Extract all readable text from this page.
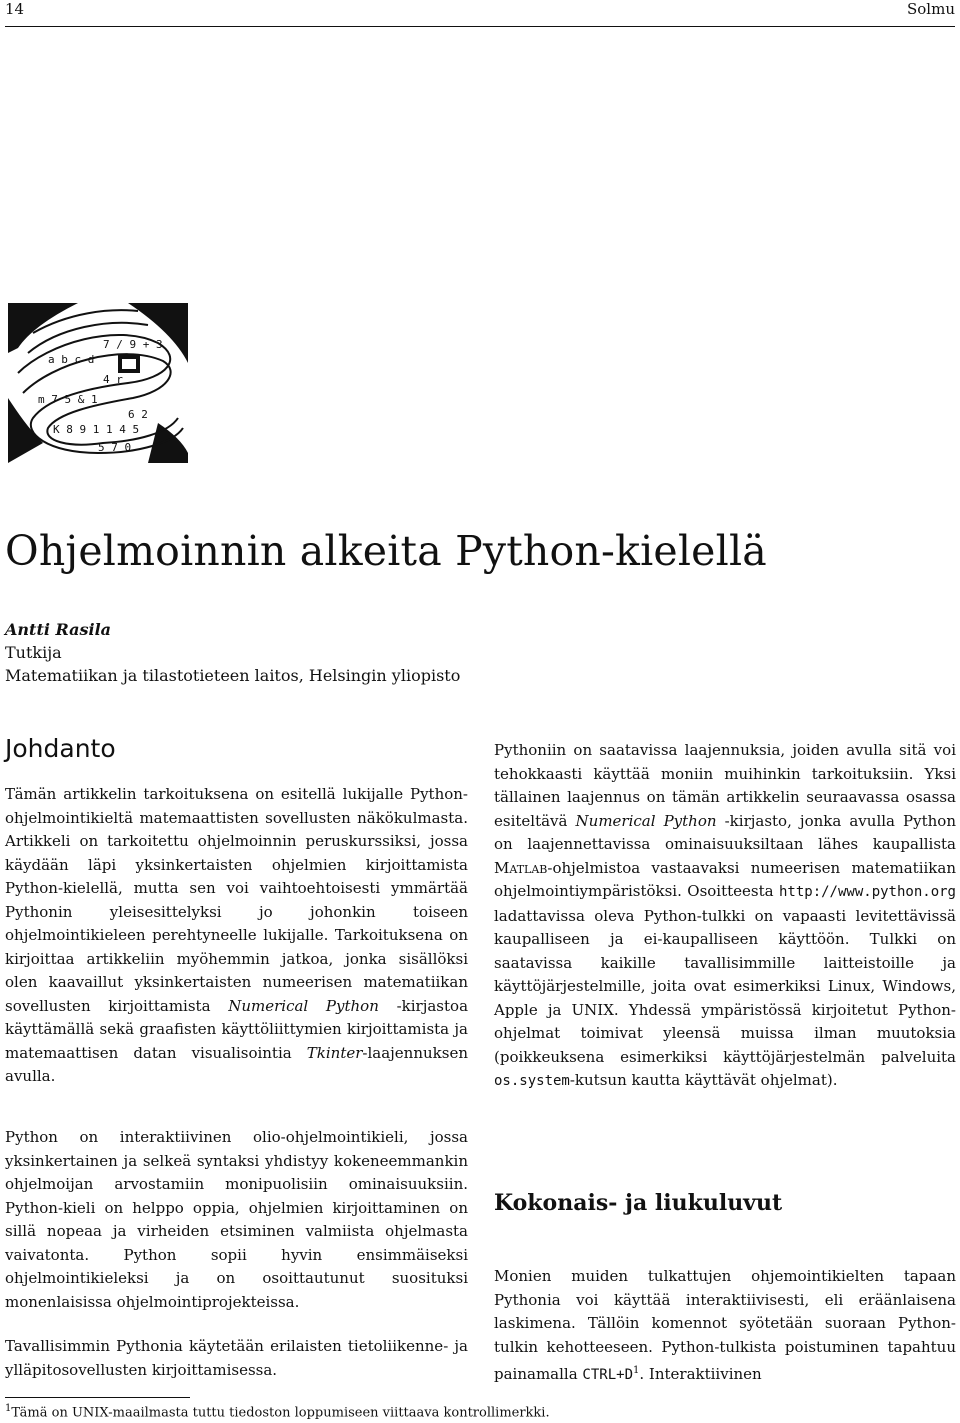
14	Solmu
a b c d
7 / 9 + 3
m 7 5 & 1
4 r
K 8 9 1 1 4 5
6 2
5 7 0
Ohjelmoinnin alkeita Python-kielellä
Antti Rasila
Tutkija
Matematiikan ja tilastotieteen laitos, Helsingin yliopisto
Johdanto

Tämän artikkelin tarkoituksena on esitellä lukijalle Python-ohjelmointikieltä matemaattisten sovellusten näkökulmasta. Artikkeli on tarkoitettu ohjelmoinnin peruskurssiksi, jossa käydään läpi yksinkertaisten ohjelmien kirjoittamista Python-kielellä, mutta sen voi vaihtoehtoisesti ymmärtää Pythonin yleisesittelyksi jo johonkin toiseen ohjelmointikieleen perehtyneelle lukijalle. Tarkoituksena on kirjoittaa artikkeliin myöhemmin jatkoa, jonka sisällöksi olen kaavaillut yksinkertaisten numeerisen matematiikan sovellusten kirjoittamista Numerical Python -kirjastoa käyttämällä sekä graafisten käyttöliittymien kirjoittamista ja matemaattisen datan visualisointia Tkinter-laajennuksen avulla.

Python on interaktiivinen olio-ohjelmointikieli, jossa yksinkertainen ja selkeä syntaksi yhdistyy kokeneemmankin ohjelmoijan arvostamiin monipuolisiin ominaisuuksiin. Python-kieli on helppo oppia, ohjelmien kirjoittaminen on sillä nopeaa ja virheiden etsiminen valmiista ohjelmasta vaivatonta. Python sopii hyvin ensimmäiseksi ohjelmointikieleksi ja on osoittautunut suosituksi monenlaisissa ohjelmointiprojekteissa.

Tavallisimmin Pythonia käytetään erilaisten tietoliikenne- ja ylläpitosovellusten kirjoittamisessa.

Pythoniin on saatavissa laajennuksia, joiden avulla sitä voi tehokkaasti käyttää moniin muihinkin tarkoituksiin. Yksi tällainen laajennus on tämän artikkelin seuraavassa osassa esiteltävä Numerical Python -kirjasto, jonka avulla Python on laajennettavissa ominaisuuksiltaan lähes kaupallista Matlab-ohjelmistoa vastaavaksi numeerisen matematiikan ohjelmointiympäristöksi. Osoitteesta http://www.python.org ladattavissa oleva Python-tulkki on vapaasti levitettävissä kaupalliseen ja ei-kaupalliseen käyttöön. Tulkki on saatavissa kaikille tavallisimmille laitteistoille ja käyttöjärjestelmille, joita ovat esimerkiksi Linux, Windows, Apple ja UNIX. Yhdessä ympäristössä kirjoitetut Python-ohjelmat toimivat yleensä muissa ilman muutoksia (poikkeuksena esimerkiksi käyttöjärjestelmän palveluita os.system-kutsun kautta käyttävät ohjelmat).

Kokonais- ja liukuluvut

Monien muiden tulkattujen ohjemointikielten tapaan Pythonia voi käyttää interaktiivisesti, eli eräänlaisena laskimena. Tällöin komennot syötetään suoraan Python-tulkin kehotteeseen. Python-tulkista poistuminen tapahtuu painamalla $CTRL+D^1$. Interaktiivinen

$^1$Tämä on UNIX-maailmasta tuttu tiedoston loppumiseen viittaava kontrollimerkki.
